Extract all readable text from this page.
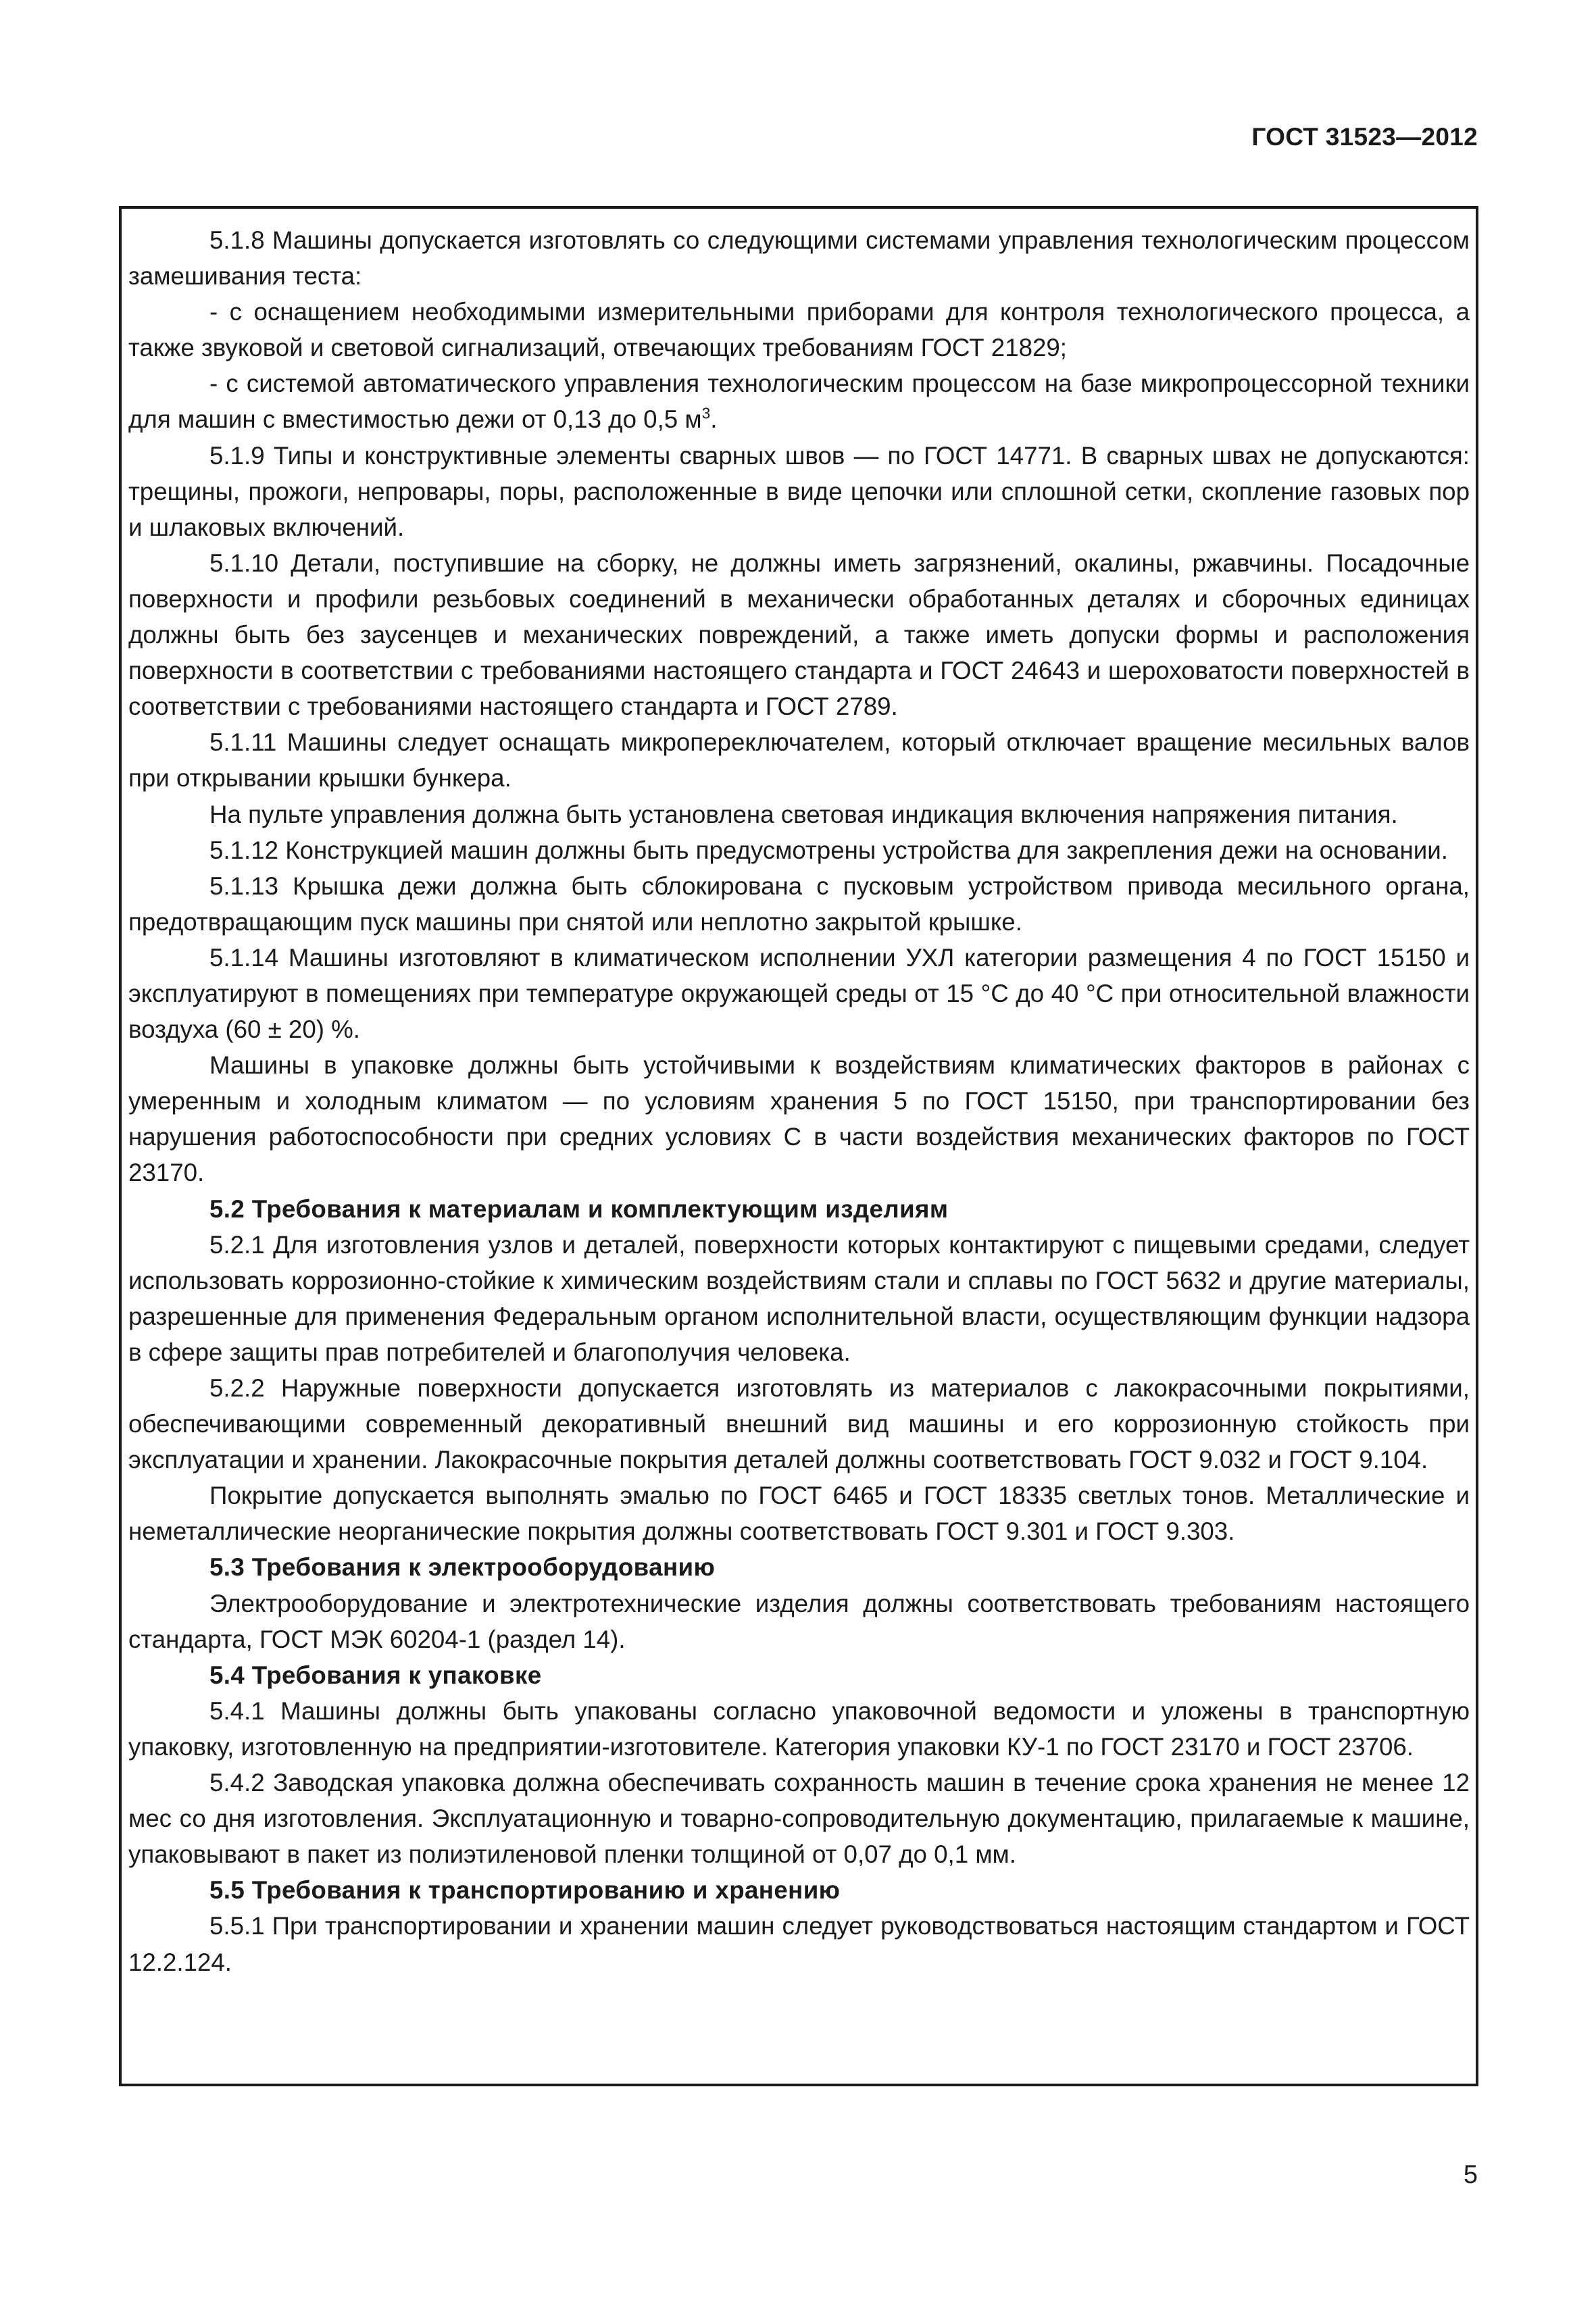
ГОСТ 31523—2012

5.1.8 Машины допускается изготовлять со следующими системами управления технологическим процессом замешивания теста:

- с оснащением необходимыми измерительными приборами для контроля технологического процесса, а также звуковой и световой сигнализаций, отвечающих требованиям ГОСТ 21829;

- с системой автоматического управления технологическим процессом на базе микропроцессорной техники для машин с вместимостью дежи от 0,13 до 0,5 $м^3$.

5.1.9 Типы и конструктивные элементы сварных швов — по ГОСТ 14771. В сварных швах не допускаются: трещины, прожоги, непровары, поры, расположенные в виде цепочки или сплошной сетки, скопление газовых пор и шлаковых включений.

5.1.10 Детали, поступившие на сборку, не должны иметь загрязнений, окалины, ржавчины. Посадочные поверхности и профили резьбовых соединений в механически обработанных деталях и сборочных единицах должны быть без заусенцев и механических повреждений, а также иметь допуски формы и расположения поверхности в соответствии с требованиями настоящего стандарта и ГОСТ 24643 и шероховатости поверхностей в соответствии с требованиями настоящего стандарта и ГОСТ 2789.

5.1.11 Машины следует оснащать микропереключателем, который отключает вращение месильных валов при открывании крышки бункера.

На пульте управления должна быть установлена световая индикация включения напряжения питания.

5.1.12 Конструкцией машин должны быть предусмотрены устройства для закрепления дежи на основании.

5.1.13 Крышка дежи должна быть сблокирована с пусковым устройством привода месильного органа, предотвращающим пуск машины при снятой или неплотно закрытой крышке.

5.1.14 Машины изготовляют в климатическом исполнении УХЛ категории размещения 4 по ГОСТ 15150 и эксплуатируют в помещениях при температуре окружающей среды от 15 °С до 40 °С при относительной влажности воздуха (60 ± 20) %.

Машины в упаковке должны быть устойчивыми к воздействиям климатических факторов в районах с умеренным и холодным климатом — по условиям хранения 5 по ГОСТ 15150, при транспортировании без нарушения работоспособности при средних условиях С в части воздействия механических факторов по ГОСТ 23170.

5.2 Требования к материалам и комплектующим изделиям

5.2.1 Для изготовления узлов и деталей, поверхности которых контактируют с пищевыми средами, следует использовать коррозионно-стойкие к химическим воздействиям стали и сплавы по ГОСТ 5632 и другие материалы, разрешенные для применения Федеральным органом исполнительной власти, осуществляющим функции надзора в сфере защиты прав потребителей и благополучия человека.

5.2.2 Наружные поверхности допускается изготовлять из материалов с лакокрасочными покрытиями, обеспечивающими современный декоративный внешний вид машины и его коррозионную стойкость при эксплуатации и хранении. Лакокрасочные покрытия деталей должны соответствовать ГОСТ 9.032 и ГОСТ 9.104.

Покрытие допускается выполнять эмалью по ГОСТ 6465 и ГОСТ 18335 светлых тонов. Металлические и неметаллические неорганические покрытия должны соответствовать ГОСТ 9.301 и ГОСТ 9.303.

5.3 Требования к электрооборудованию

Электрооборудование и электротехнические изделия должны соответствовать требованиям настоящего стандарта, ГОСТ МЭК 60204-1 (раздел 14).

5.4 Требования к упаковке

5.4.1 Машины должны быть упакованы согласно упаковочной ведомости и уложены в транспортную упаковку, изготовленную на предприятии-изготовителе. Категория упаковки КУ-1 по ГОСТ 23170 и ГОСТ 23706.

5.4.2 Заводская упаковка должна обеспечивать сохранность машин в течение срока хранения не менее 12 мес со дня изготовления. Эксплуатационную и товарно-сопроводительную документацию, прилагаемые к машине, упаковывают в пакет из полиэтиленовой пленки толщиной от 0,07 до 0,1 мм.

5.5 Требования к транспортированию и хранению

5.5.1 При транспортировании и хранении машин следует руководствоваться настоящим стандартом и ГОСТ 12.2.124.

5
